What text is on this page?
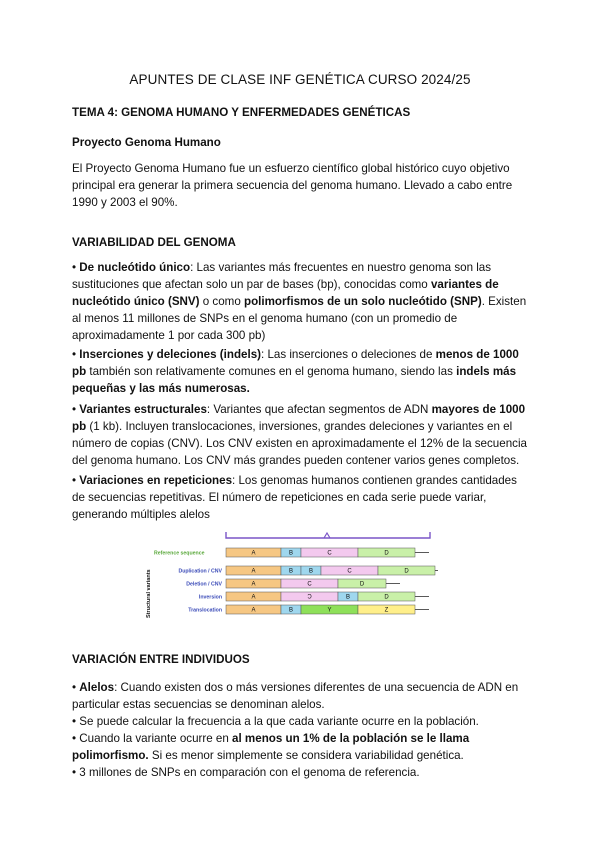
APUNTES DE CLASE INF GENÉTICA CURSO 2024/25
TEMA 4: GENOMA HUMANO Y ENFERMEDADES GENÉTICAS
Proyecto Genoma Humano
El Proyecto Genoma Humano fue un esfuerzo científico global histórico cuyo objetivo principal era generar la primera secuencia del genoma humano. Llevado a cabo entre 1990 y 2003 el 90%.
VARIABILIDAD DEL GENOMA
• De nucleótido único: Las variantes más frecuentes en nuestro genoma son las sustituciones que afectan solo un par de bases (bp), conocidas como variantes de nucleótido único (SNV) o como polimorfismos de un solo nucleótido (SNP). Existen al menos 11 millones de SNPs en el genoma humano (con un promedio de aproximadamente 1 por cada 300 pb)
• Inserciones y deleciones (indels): Las inserciones o deleciones de menos de 1000 pb también son relativamente comunes en el genoma humano, siendo las indels más pequeñas y las más numerosas.
• Variantes estructurales: Variantes que afectan segmentos de ADN mayores de 1000 pb (1 kb). Incluyen translocaciones, inversiones, grandes deleciones y variantes en el número de copias (CNV). Los CNV existen en aproximadamente el 12% de la secuencia del genoma humano. Los CNV más grandes pueden contener varios genes completos.
• Variaciones en repeticiones: Los genomas humanos contienen grandes cantidades de secuencias repetitivas. El número de repeticiones en cada serie puede variar, generando múltiples alelos
Structural variants
Reference sequence	A	B	C	D
Duplication / CNV	A	B	B	C	D
Deletion / CNV	A	C	D
Inversion	A	Ɔ	B	D
Translocation	A	B	Y	Z
VARIACIÓN ENTRE INDIVIDUOS
• Alelos: Cuando existen dos o más versiones diferentes de una secuencia de ADN en particular estas secuencias se denominan alelos.
• Se puede calcular la frecuencia a la que cada variante ocurre en la población.
• Cuando la variante ocurre en al menos un 1% de la población se le llama polimorfismo. Si es menor simplemente se considera variabilidad genética.
• 3 millones de SNPs en comparación con el genoma de referencia.
